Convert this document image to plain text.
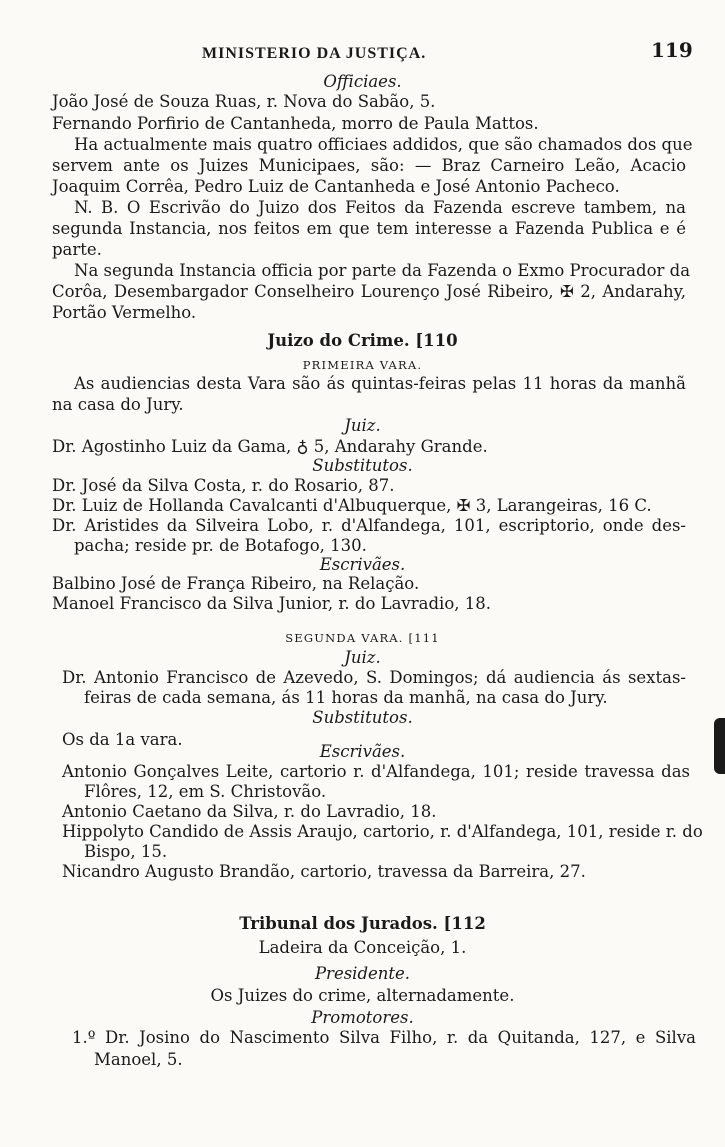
MINISTERIO DA JUSTIÇA.	119
Officiaes.
João José de Souza Ruas, r. Nova do Sabão, 5.
Fernando Porfirio de Cantanheda, morro de Paula Mattos.
Ha actualmente mais quatro officiaes addidos, que são chamados dos que
servem ante os Juizes Municipaes, são: — Braz Carneiro Leão, Acacio
Joaquim Corrêa, Pedro Luiz de Cantanheda e José Antonio Pacheco.
N. B. O Escrivão do Juizo dos Feitos da Fazenda escreve tambem, na
segunda Instancia, nos feitos em que tem interesse a Fazenda Publica e é
parte.
Na segunda Instancia officia por parte da Fazenda o Exmo Procurador da
Corôa, Desembargador Conselheiro Lourenço José Ribeiro, ✠ 2, Andarahy,
Portão Vermelho.
Juizo do Crime. [110
PRIMEIRA VARA.
As audiencias desta Vara são ás quintas-feiras pelas 11 horas da manhã
na casa do Jury.
Juiz.
Dr. Agostinho Luiz da Gama, ♁ 5, Andarahy Grande.
Substitutos.
Dr. José da Silva Costa, r. do Rosario, 87.
Dr. Luiz de Hollanda Cavalcanti d'Albuquerque, ✠ 3, Larangeiras, 16 C.
Dr. Aristides da Silveira Lobo, r. d'Alfandega, 101, escriptorio, onde des-
pacha; reside pr. de Botafogo, 130.
Escrivães.
Balbino José de França Ribeiro, na Relação.
Manoel Francisco da Silva Junior, r. do Lavradio, 18.
SEGUNDA VARA. [111
Juiz.
Dr. Antonio Francisco de Azevedo, S. Domingos; dá audiencia ás sextas-
feiras de cada semana, ás 11 horas da manhã, na casa do Jury.
Substitutos.
Os da 1a vara.
Escrivães.
Antonio Gonçalves Leite, cartorio r. d'Alfandega, 101; reside travessa das
Flôres, 12, em S. Christovão.
Antonio Caetano da Silva, r. do Lavradio, 18.
Hippolyto Candido de Assis Araujo, cartorio, r. d'Alfandega, 101, reside r. do
Bispo, 15.
Nicandro Augusto Brandão, cartorio, travessa da Barreira, 27.
Tribunal dos Jurados. [112
Ladeira da Conceição, 1.
Presidente.
Os Juizes do crime, alternadamente.
Promotores.
1.º Dr. Josino do Nascimento Silva Filho, r. da Quitanda, 127, e Silva
Manoel, 5.
